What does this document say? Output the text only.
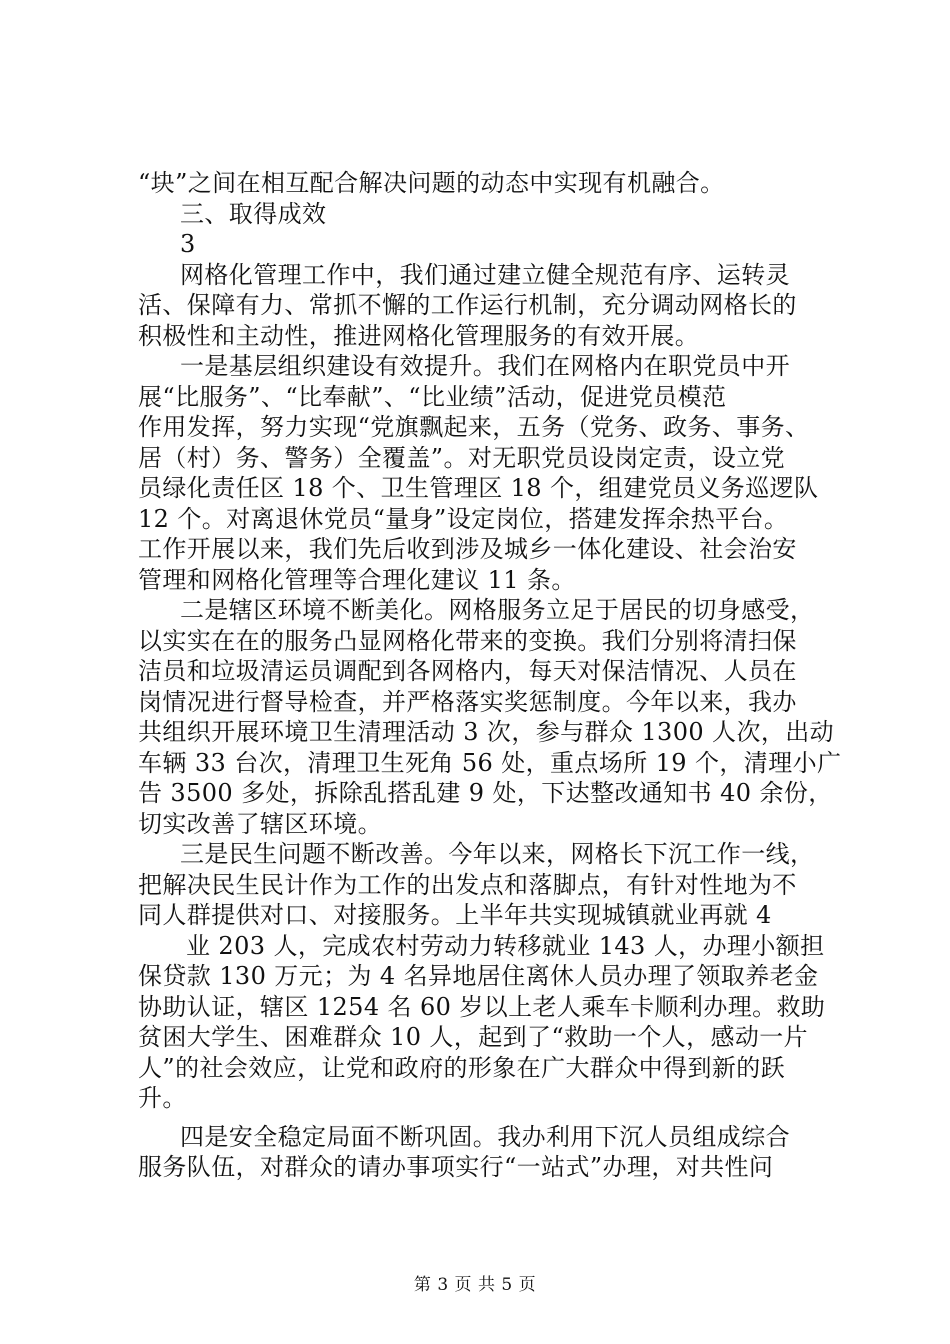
“块”之间在相互配合解决问题的动态中实现有机融合。
三、取得成效
3
网格化管理工作中，我们通过建立健全规范有序、运转灵
活、保障有力、常抓不懈的工作运行机制，充分调动网格长的
积极性和主动性，推进网格化管理服务的有效开展。
一是基层组织建设有效提升。我们在网格内在职党员中开
展“比服务”、“比奉献”、“比业绩”活动，促进党员模范
作用发挥，努力实现“党旗飘起来，五务（党务、政务、事务、
居（村）务、警务）全覆盖”。对无职党员设岗定责，设立党
员绿化责任区 18 个、卫生管理区 18 个，组建党员义务巡逻队
12 个。对离退休党员“量身”设定岗位，搭建发挥余热平台。
工作开展以来，我们先后收到涉及城乡一体化建设、社会治安
管理和网格化管理等合理化建议 11 条。
二是辖区环境不断美化。网格服务立足于居民的切身感受，
以实实在在的服务凸显网格化带来的变换。我们分别将清扫保
洁员和垃圾清运员调配到各网格内，每天对保洁情况、人员在
岗情况进行督导检查，并严格落实奖惩制度。今年以来，我办
共组织开展环境卫生清理活动 3 次，参与群众 1300 人次，出动
车辆 33 台次，清理卫生死角 56 处，重点场所 19 个，清理小广
告 3500 多处，拆除乱搭乱建 9 处，下达整改通知书 40 余份，
切实改善了辖区环境。
三是民生问题不断改善。今年以来，网格长下沉工作一线，
把解决民生民计作为工作的出发点和落脚点，有针对性地为不
同人群提供对口、对接服务。上半年共实现城镇就业再就 4
业 203 人，完成农村劳动力转移就业 143 人，办理小额担
保贷款 130 万元；为 4 名异地居住离休人员办理了领取养老金
协助认证，辖区 1254 名 60 岁以上老人乘车卡顺利办理。救助
贫困大学生、困难群众 10 人，起到了“救助一个人，感动一片
人”的社会效应，让党和政府的形象在广大群众中得到新的跃
升。
四是安全稳定局面不断巩固。我办利用下沉人员组成综合
服务队伍，对群众的请办事项实行“一站式”办理，对共性问
第 3 页 共 5 页
